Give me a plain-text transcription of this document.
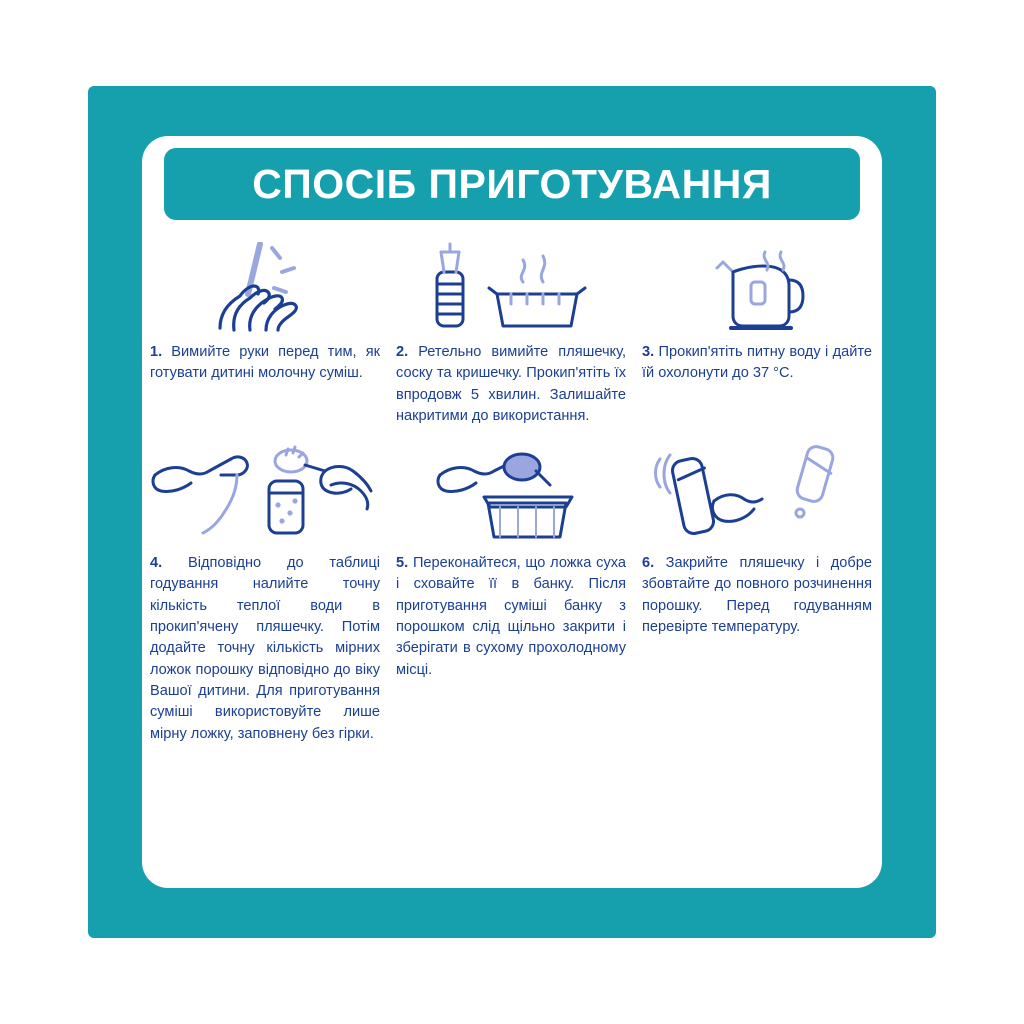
СПОСІБ ПРИГОТУВАННЯ
1. Вимийте руки перед тим, як готувати дитині молочну суміш.
2. Ретельно вимийте пляшечку, соску та кришечку. Прокип'ятіть їх впродовж 5 хвилин. Залишайте накритими до використання.
3. Прокип'ятіть питну воду і дайте їй охолонути до 37 °C.
4. Відповідно до таблиці годування налийте точну кількість теплої води в прокип'ячену пляшечку. Потім додайте точну кількість мірних ложок порошку відповідно до віку Вашої дитини. Для приготування суміші використовуйте лише мірну ложку, заповнену без гірки.
5. Переконайтеся, що ложка суха і сховайте її в банку. Після приготування суміші банку з порошком слід щільно закрити і зберігати в сухому прохолодному місці.
6. Закрийте пляшечку і добре збовтайте до повного розчинення порошку. Перед годуванням перевірте температуру.
